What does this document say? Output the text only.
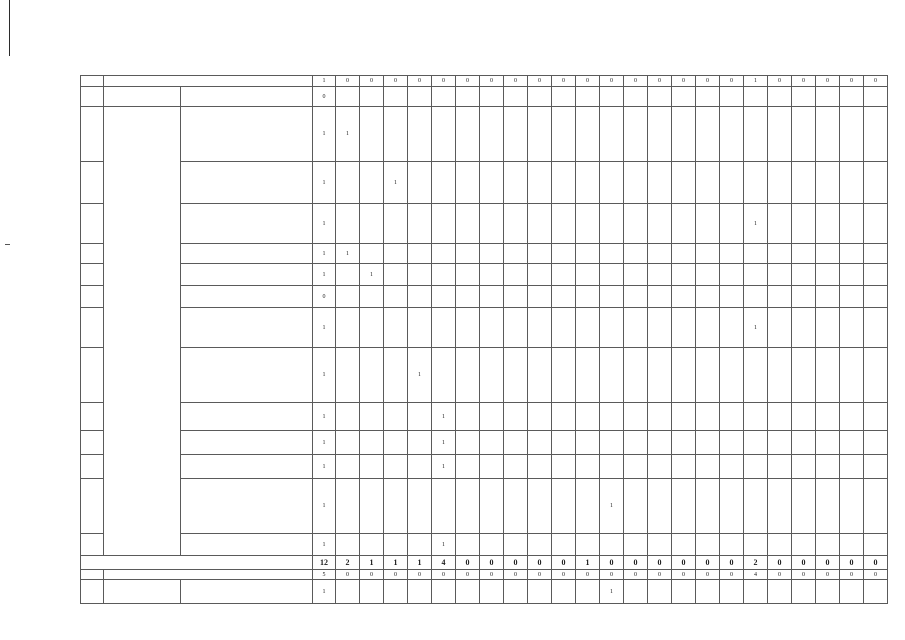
			1	0	0	0	0	0	0	0	0	0	0	0	0	0	0	0	0	0	1	0	0	0	0	0
			0																							
			1	1																						
			1			1																				
			1																		1					
			1	1																						
			1		1																					
			0																							
			1																		1					
			1				1																			
			1					1																		
			1					1																		
			1					1																		
			1												1											
			1					1																		
			12	2	1	1	1	4	0	0	0	0	0	1	0	0	0	0	0	0	2	0	0	0	0	0
			5	0	0	0	0	0	0	0	0	0	0	0	0	0	0	0	0	0	4	0	0	0	0	0
			1												1											
